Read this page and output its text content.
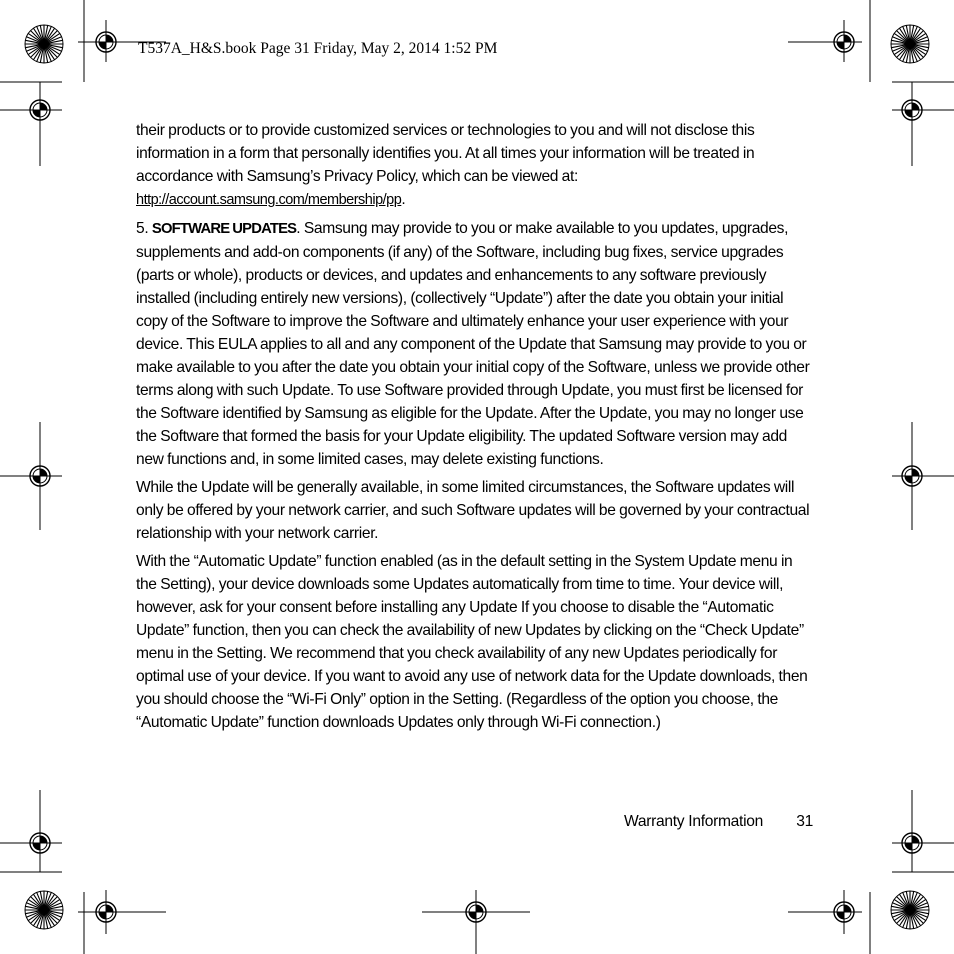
T537A_H&S.book Page 31 Friday, May 2, 2014 1:52 PM

their products or to provide customized services or technologies to you and will not disclose this information in a form that personally identifies you. At all times your information will be treated in accordance with Samsung’s Privacy Policy, which can be viewed at: http://account.samsung.com/membership/pp.

5. SOFTWARE UPDATES. Samsung may provide to you or make available to you updates, upgrades, supplements and add-on components (if any) of the Software, including bug fixes, service upgrades (parts or whole), products or devices, and updates and enhancements to any software previously installed (including entirely new versions), (collectively “Update”) after the date you obtain your initial copy of the Software to improve the Software and ultimately enhance your user experience with your device. This EULA applies to all and any component of the Update that Samsung may provide to you or make available to you after the date you obtain your initial copy of the Software, unless we provide other terms along with such Update. To use Software provided through Update, you must first be licensed for the Software identified by Samsung as eligible for the Update. After the Update, you may no longer use the Software that formed the basis for your Update eligibility. The updated Software version may add new functions and, in some limited cases, may delete existing functions.

While the Update will be generally available, in some limited circumstances, the Software updates will only be offered by your network carrier, and such Software updates will be governed by your contractual relationship with your network carrier.

With the “Automatic Update” function enabled (as in the default setting in the System Update menu in the Setting), your device downloads some Updates automatically from time to time. Your device will, however, ask for your consent before installing any Update If you choose to disable the “Automatic Update” function, then you can check the availability of new Updates by clicking on the “Check Update” menu in the Setting. We recommend that you check availability of any new Updates periodically for optimal use of your device. If you want to avoid any use of network data for the Update downloads, then you should choose the “Wi-Fi Only” option in the Setting. (Regardless of the option you choose, the “Automatic Update” function downloads Updates only through Wi-Fi connection.)

Warranty Information 31
